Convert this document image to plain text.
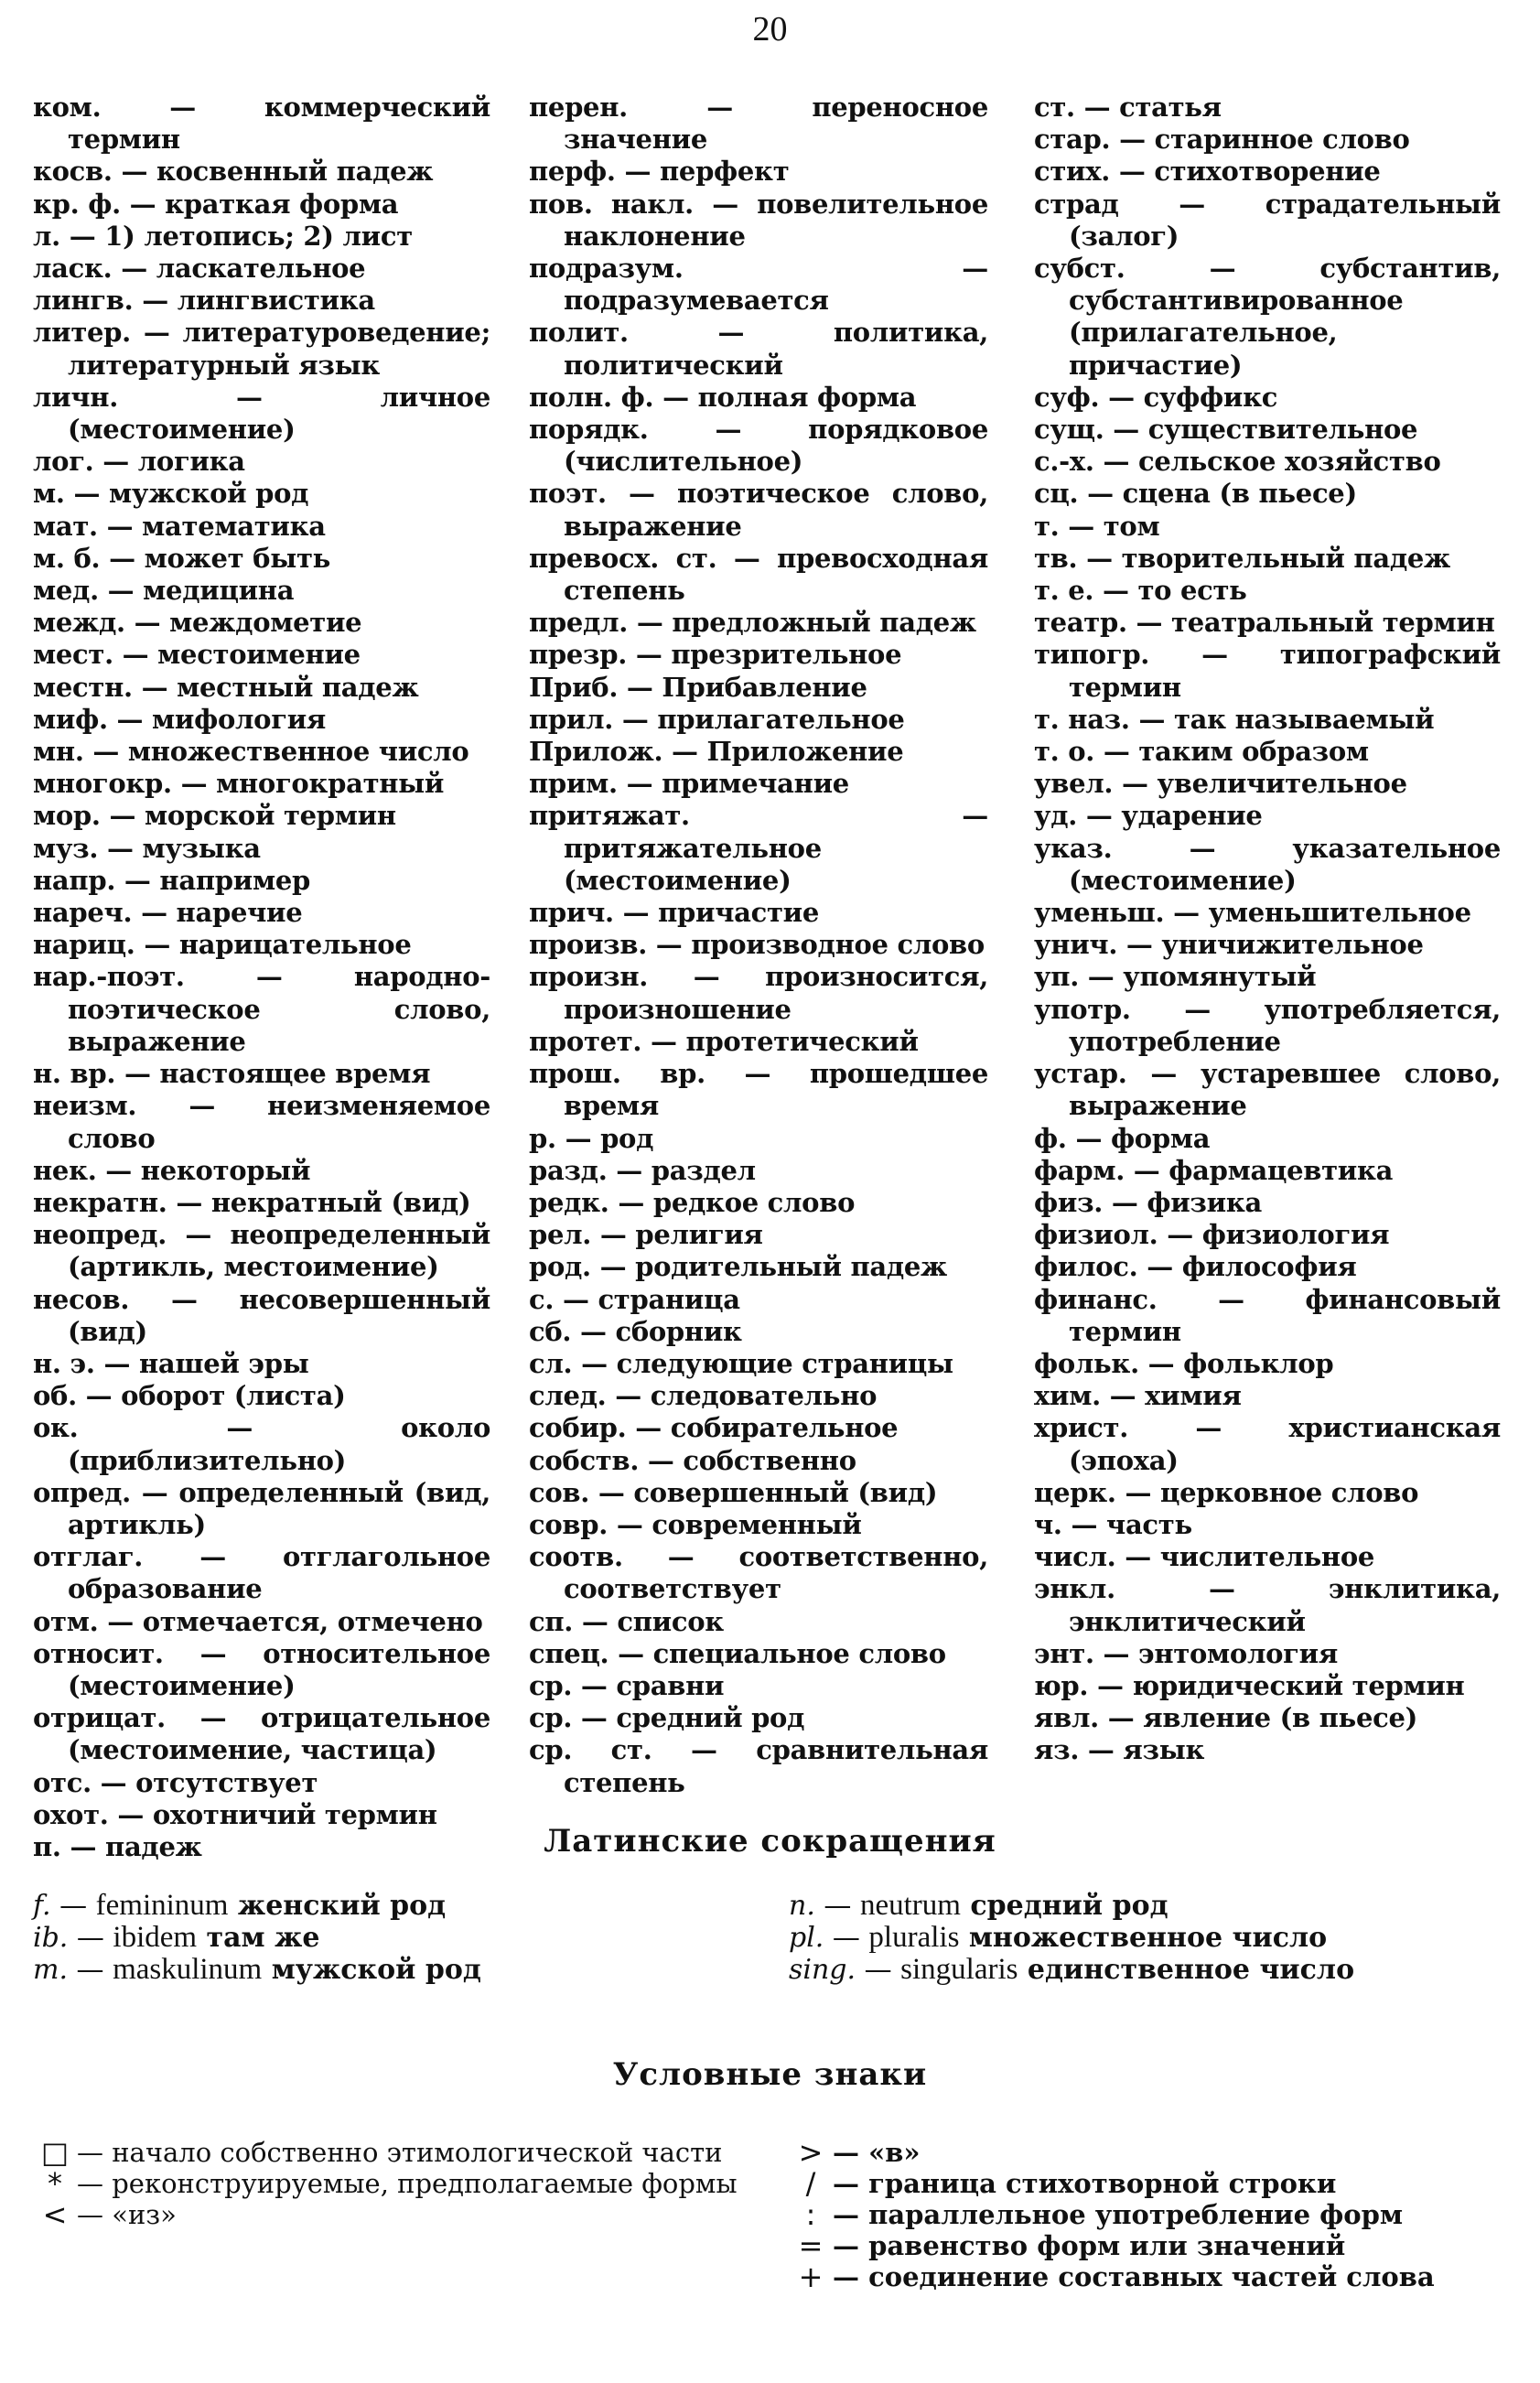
20
ком. — коммерческий термин
косв. — косвенный падеж
кр. ф. — краткая форма
л. — 1) летопись; 2) лист
ласк. — ласкательное
лингв. — лингвистика
литер. — литературоведение; литературный язык
личн. — личное (местоимение)
лог. — логика
м. — мужской род
мат. — математика
м. б. — может быть
мед. — медицина
межд. — междометие
мест. — местоимение
местн. — местный падеж
миф. — мифология
мн. — множественное число
многокр. — многократный
мор. — морской термин
муз. — музыка
напр. — например
нареч. — наречие
нариц. — нарицательное
нар.-поэт. — народно-поэтическое слово, выражение
н. вр. — настоящее время
неизм. — неизменяемое слово
нек. — некоторый
некратн. — некратный (вид)
неопред. — неопределенный (артикль, местоимение)
несов. — несовершенный (вид)
н. э. — нашей эры
об. — оборот (листа)
ок. — около (приблизительно)
опред. — определенный (вид, артикль)
отглаг. — отглагольное образование
отм. — отмечается, отмечено
относит. — относительное (местоимение)
отрицат. — отрицательное (местоимение, частица)
отс. — отсутствует
охот. — охотничий термин
п. — падеж
перен. — переносное значение
перф. — перфект
пов. накл. — повелительное наклонение
подразум. — подразумевается
полит. — политика, политический
полн. ф. — полная форма
порядк. — порядковое (числительное)
поэт. — поэтическое слово, выражение
превосх. ст. — превосходная степень
предл. — предложный падеж
презр. — презрительное
Приб. — Прибавление
прил. — прилагательное
Прилож. — Приложение
прим. — примечание
притяжат. — притяжательное (местоимение)
прич. — причастие
произв. — производное слово
произн. — произносится, произношение
протет. — протетический
прош. вр. — прошедшее время
р. — род
разд. — раздел
редк. — редкое слово
рел. — религия
род. — родительный падеж
с. — страница
сб. — сборник
сл. — следующие страницы
след. — следовательно
собир. — собирательное
собств. — собственно
сов. — совершенный (вид)
совр. — современный
соотв. — соответственно, соответствует
сп. — список
спец. — специальное слово
ср. — сравни
ср. — средний род
ср. ст. — сравнительная степень
ст. — статья
стар. — старинное слово
стих. — стихотворение
страд — страдательный (залог)
субст. — субстантив, субстантивированное (прилагательное, причастие)
суф. — суффикс
сущ. — существительное
с.-х. — сельское хозяйство
сц. — сцена (в пьесе)
т. — том
тв. — творительный падеж
т. е. — то есть
театр. — театральный термин
типогр. — типографский термин
т. наз. — так называемый
т. о. — таким образом
увел. — увеличительное
уд. — ударение
указ. — указательное (местоимение)
уменьш. — уменьшительное
унич. — уничижительное
уп. — упомянутый
употр. — употребляется, употребление
устар. — устаревшее слово, выражение
ф. — форма
фарм. — фармацевтика
физ. — физика
физиол. — физиология
филос. — философия
финанс. — финансовый термин
фольк. — фольклор
хим. — химия
христ. — христианская (эпоха)
церк. — церковное слово
ч. — часть
числ. — числительное
энкл. — энклитика, энклитический
энт. — энтомология
юр. — юридический термин
явл. — явление (в пьесе)
яз. — язык
Латинские сокращения
f. — femininum женский род
ib. — ibidem там же
m. — maskulinum мужской род
n. — neutrum средний род
pl. — pluralis множественное число
sing. — singularis единственное число
Условные знаки
□ — начало собственно этимологической части
* — реконструируемые, предполагаемые формы
< — «из»
> — «в»
/ — граница стихотворной строки
: — параллельное употребление форм
= — равенство форм или значений
+ — соединение составных частей слова
